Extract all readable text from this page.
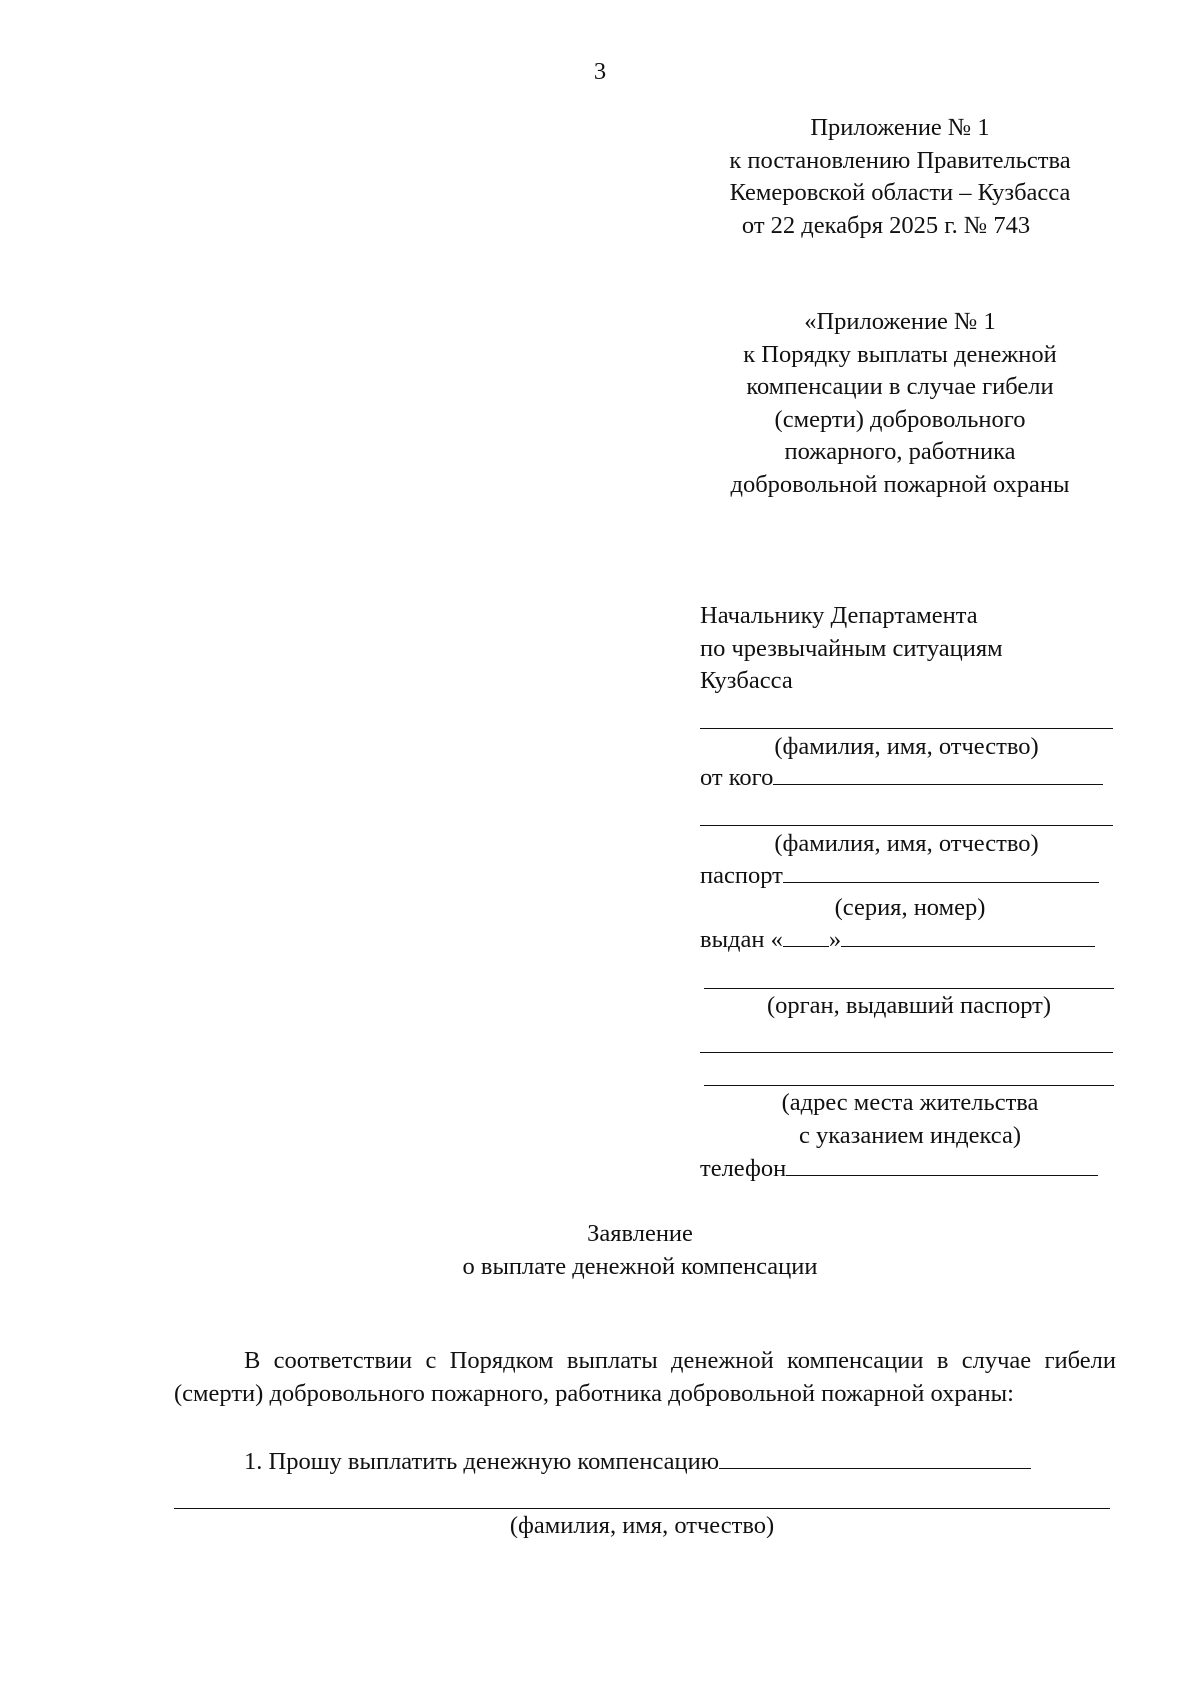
3
Приложение № 1
к постановлению Правительства
Кемеровской области – Кузбасса
от 22 декабря 2025 г. № 743
«Приложение № 1
к Порядку выплаты денежной
компенсации в случае гибели
(смерти) добровольного
пожарного, работника
добровольной пожарной охраны
Начальнику Департамента
по чрезвычайным ситуациям
Кузбасса
(фамилия, имя, отчество)
от кого
(фамилия, имя, отчество)
паспорт
(серия, номер)
выдан « »
(орган, выдавший паспорт)
(адрес места жительства
с указанием индекса)
телефон
Заявление
о выплате денежной компенсации
В соответствии с Порядком выплаты денежной компенсации в случае гибели (смерти) добровольного пожарного, работника добровольной пожарной охраны:
1. Прошу выплатить денежную компенсацию
(фамилия, имя, отчество)
